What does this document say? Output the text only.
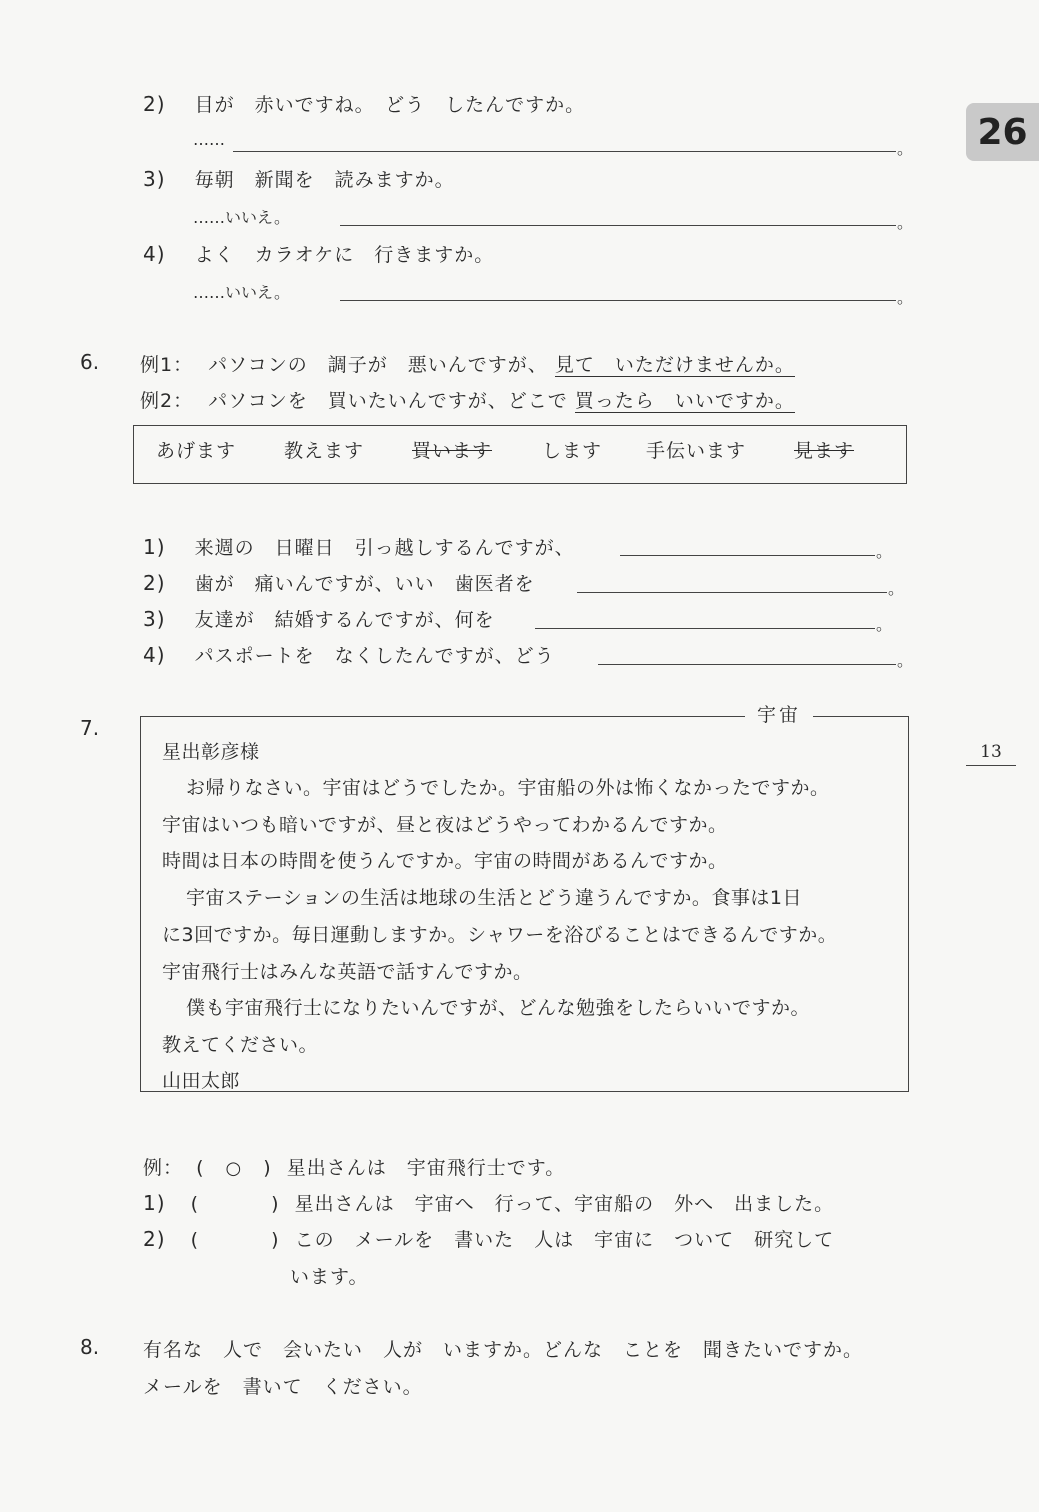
26
13
2) 目が　赤いですね。　どう　したんですか。
……	。
3) 毎朝　新聞を　読みますか。
……いいえ。	。
4) よく　カラオケに　行きますか。
……いいえ。	。
6. 例1： パソコンの　調子が　悪いんですが、 見て　いただけませんか。
例2： パソコンを　買いたいんですが、どこで 買ったら　いいですか。
あげます	教えます	買います	します 手伝います	見ます
1) 来週の　日曜日　引っ越しするんですが、	。
2) 歯が　痛いんですが、いい　歯医者を	。
3) 友達が　結婚するんですが、何を	。
4) パスポートを　なくしたんですが、どう	。
7.
宇宙
星出彰彦様
お帰りなさい。宇宙はどうでしたか。宇宙船の外は怖くなかったですか。
宇宙はいつも暗いですが、昼と夜はどうやってわかるんですか。
時間は日本の時間を使うんですか。宇宙の時間があるんですか。
宇宙ステーションの生活は地球の生活とどう違うんですか。食事は1日
に3回ですか。毎日運動しますか。シャワーを浴びることはできるんですか。
宇宙飛行士はみんな英語で話すんですか。
僕も宇宙飛行士になりたいんですが、どんな勉強をしたらいいですか。
教えてください。
山田太郎
例： ( ○ ) 星出さんは　宇宙飛行士です。
1) (	) 星出さんは　宇宙へ　行って、宇宙船の　外へ　出ました。
2) (	) この　メールを　書いた　人は　宇宙に　ついて　研究して
います。
8. 有名な　人で　会いたい　人が　いますか。どんな　ことを　聞きたいですか。
メールを　書いて　ください。
